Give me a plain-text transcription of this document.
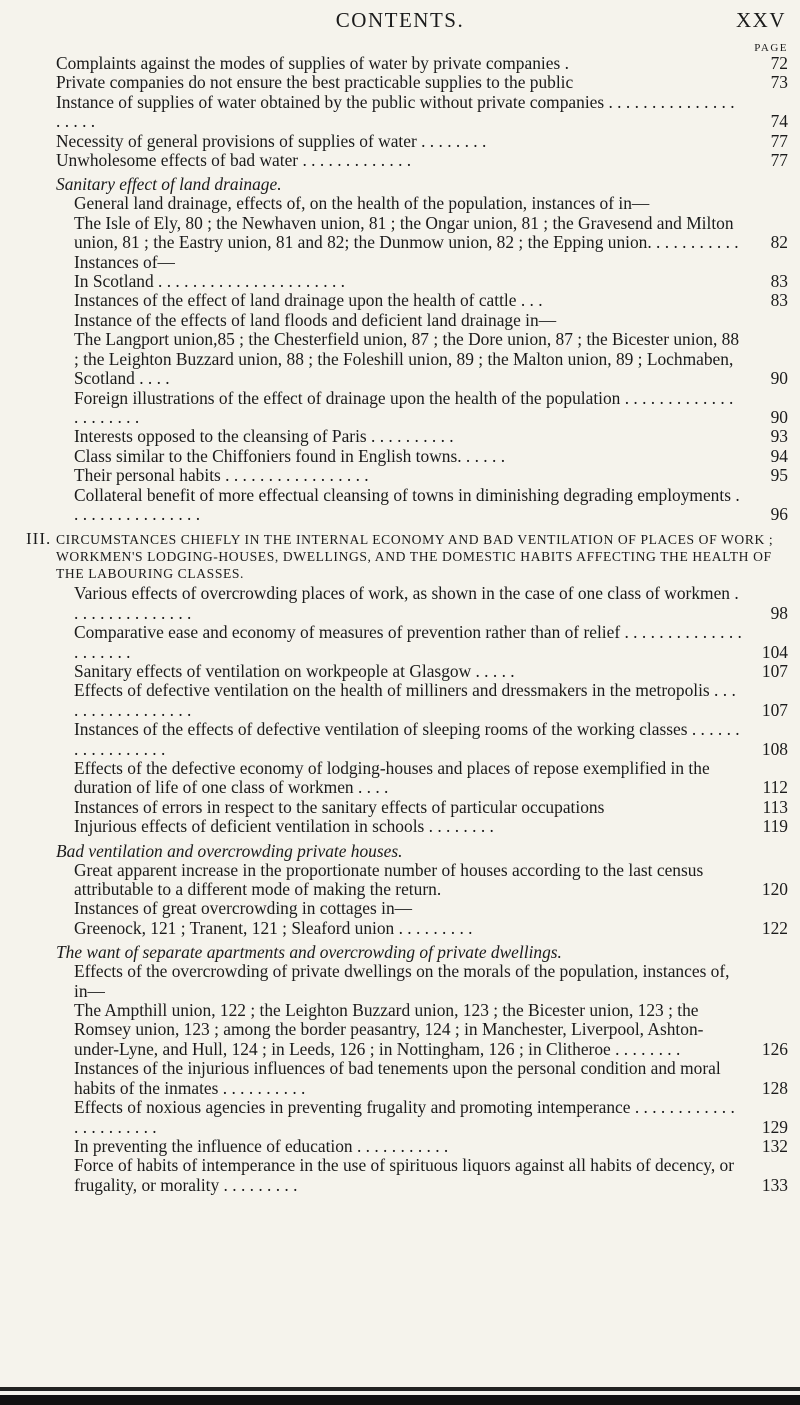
CONTENTS.	XXV
PAGE
Complaints against the modes of supplies of water by private companies .	72
Private companies do not ensure the best practicable supplies to the public	73
Instance of supplies of water obtained by the public without private companies . . . . . . . . . . . . . . . . . . . .	74
Necessity of general provisions of supplies of water . . . . . . . .	77
Unwholesome effects of bad water . . . . . . . . . . . . .	77
Sanitary effect of land drainage.
General land drainage, effects of, on the health of the population, instances of in—
The Isle of Ely, 80 ; the Newhaven union, 81 ; the Ongar union, 81 ; the Gravesend and Milton union, 81 ; the Eastry union, 81 and 82; the Dunmow union, 82 ; the Epping union. . . . . . . . . . .	82
Instances of—
In Scotland . . . . . . . . . . . . . . . . . . . . . .	83
Instances of the effect of land drainage upon the health of cattle . . .	83
Instance of the effects of land floods and deficient land drainage in—
The Langport union,85 ; the Chesterfield union, 87 ; the Dore union, 87 ; the Bicester union, 88 ; the Leighton Buzzard union, 88 ; the Foleshill union, 89 ; the Malton union, 89 ; Lochmaben, Scotland . . . .	90
Foreign illustrations of the effect of drainage upon the health of the population . . . . . . . . . . . . . . . . . . . . .	90
Interests opposed to the cleansing of Paris . . . . . . . . . .	93
Class similar to the Chiffoniers found in English towns. . . . . .	94
Their personal habits . . . . . . . . . . . . . . . . .	95
Collateral benefit of more effectual cleansing of towns in diminishing degrading employments . . . . . . . . . . . . . . . .	96
III. CIRCUMSTANCES CHIEFLY IN THE INTERNAL ECONOMY AND BAD VENTILATION OF PLACES OF WORK ; WORKMEN'S LODGING-HOUSES, DWELLINGS, AND THE DOMESTIC HABITS AFFECTING THE HEALTH OF THE LABOURING CLASSES.
Various effects of overcrowding places of work, as shown in the case of one class of workmen . . . . . . . . . . . . . . .	98
Comparative ease and economy of measures of prevention rather than of relief . . . . . . . . . . . . . . . . . . . . .	104
Sanitary effects of ventilation on workpeople at Glasgow . . . . .	107
Effects of defective ventilation on the health of milliners and dressmakers in the metropolis . . . . . . . . . . . . . . . . .	107
Instances of the effects of defective ventilation of sleeping rooms of the working classes . . . . . . . . . . . . . . . . .	108
Effects of the defective economy of lodging-houses and places of repose exemplified in the duration of life of one class of workmen . . . .	112
Instances of errors in respect to the sanitary effects of particular occupations	113
Injurious effects of deficient ventilation in schools . . . . . . . .	119
Bad ventilation and overcrowding private houses.
Great apparent increase in the proportionate number of houses according to the last census attributable to a different mode of making the return.	120
Instances of great overcrowding in cottages in—
Greenock, 121 ; Tranent, 121 ; Sleaford union . . . . . . . . .	122
The want of separate apartments and overcrowding of private dwellings.
Effects of the overcrowding of private dwellings on the morals of the population, instances of, in—
The Ampthill union, 122 ; the Leighton Buzzard union, 123 ; the Bicester union, 123 ; the Romsey union, 123 ; among the border peasantry, 124 ; in Manchester, Liverpool, Ashton-under-Lyne, and Hull, 124 ; in Leeds, 126 ; in Nottingham, 126 ; in Clitheroe . . . . . . . .	126
Instances of the injurious influences of bad tenements upon the personal condition and moral habits of the inmates . . . . . . . . . .	128
Effects of noxious agencies in preventing frugality and promoting intemperance . . . . . . . . . . . . . . . . . . . . . .	129
In preventing the influence of education . . . . . . . . . . .	132
Force of habits of intemperance in the use of spirituous liquors against all habits of decency, or frugality, or morality . . . . . . . . .	133
